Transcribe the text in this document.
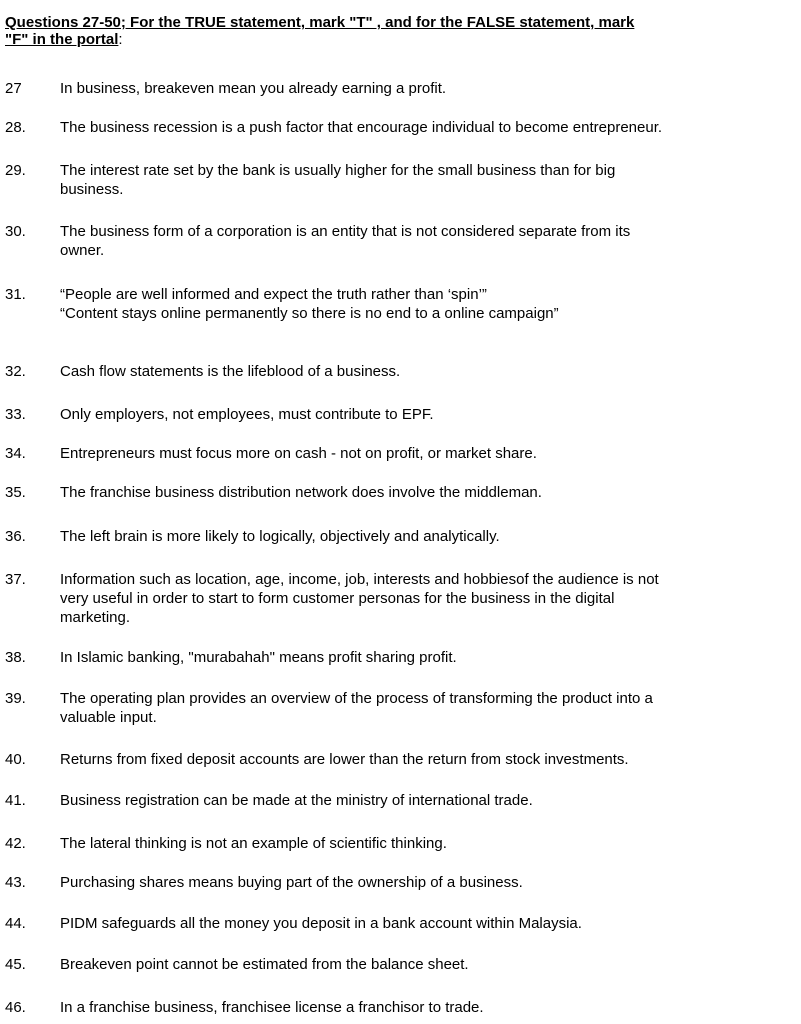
Questions 27-50; For the TRUE statement, mark "T" , and for the FALSE statement, mark
"F" in the portal:
27	In business, breakeven mean you already earning a profit.
28. The business recession is a push factor that encourage individual to become entrepreneur.
29. The interest rate set by the bank is usually higher for the small business than for big
business.
30. The business form of a corporation is an entity that is not considered separate from its
owner.
31. “People are well informed and expect the truth rather than ‘spin’”
“Content stays online permanently so there is no end to a online campaign”
32. Cash flow statements is the lifeblood of a business.
33. Only employers, not employees, must contribute to EPF.
34. Entrepreneurs must focus more on cash - not on profit, or market share.
35. The franchise business distribution network does involve the middleman.
36. The left brain is more likely to logically, objectively and analytically.
37. Information such as location, age, income, job, interests and hobbiesof the audience is not
very useful in order to start to form customer personas for the business in the digital
marketing.
38. In Islamic banking, "murabahah" means profit sharing profit.
39. The operating plan provides an overview of the process of transforming the product into a
valuable input.
40. Returns from fixed deposit accounts are lower than the return from stock investments.
41. Business registration can be made at the ministry of international trade.
42. The lateral thinking is not an example of scientific thinking.
43. Purchasing shares means buying part of the ownership of a business.
44. PIDM safeguards all the money you deposit in a bank account within Malaysia.
45. Breakeven point cannot be estimated from the balance sheet.
46. In a franchise business, franchisee license a franchisor to trade.
